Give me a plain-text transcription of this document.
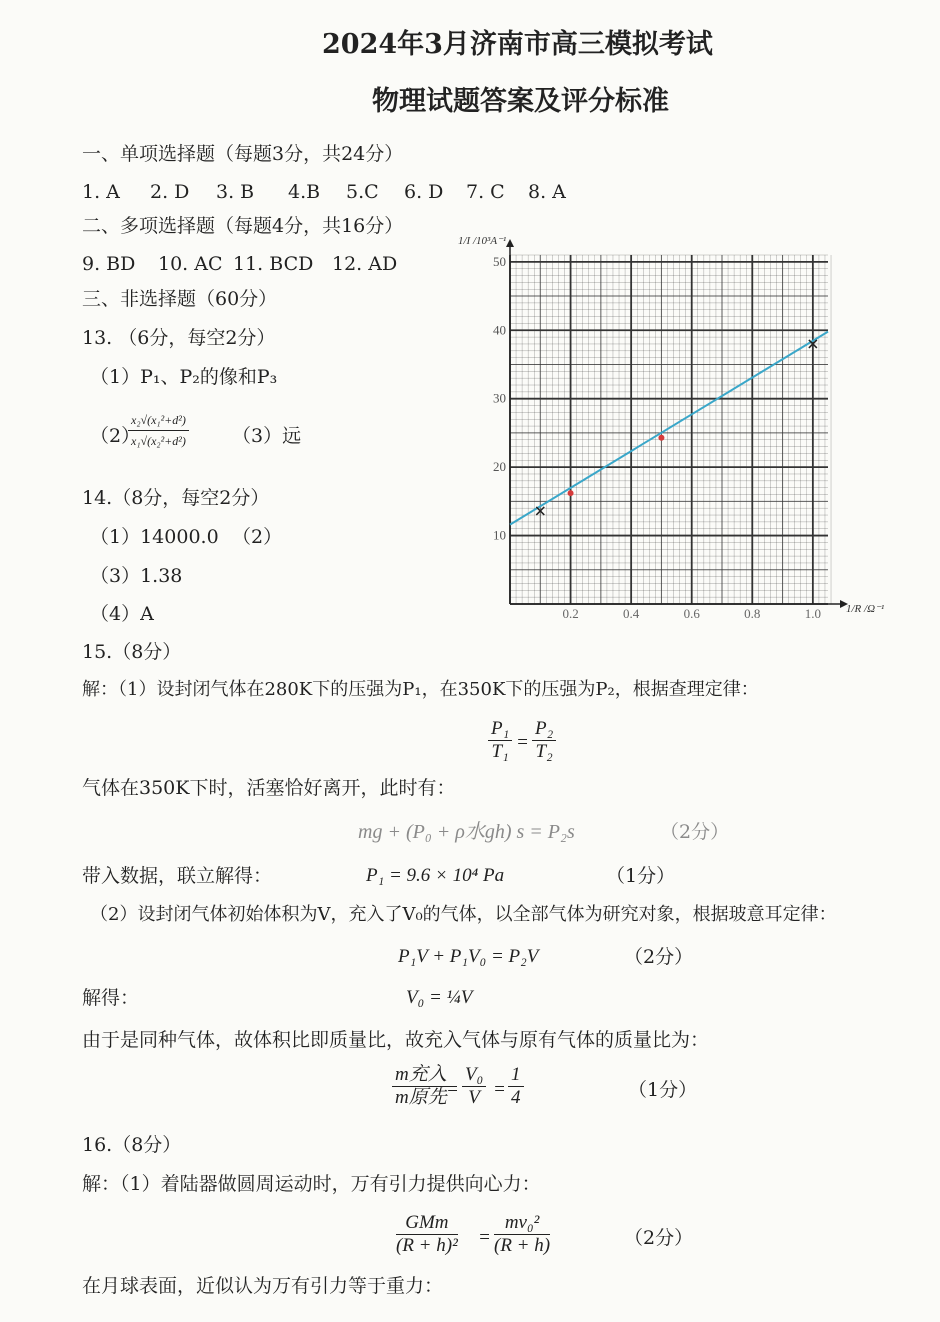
2024年3月济南市高三模拟考试
物理试题答案及评分标准
一、单项选择题（每题3分，共24分）
1. A 2. D 3. B 4.B 5.C 6. D 7. C 8. A
二、多项选择题（每题4分，共16分）
9. BD 10. AC 11. BCD 12. AD
三、非选择题（60分）
13. （6分，每空2分）
（1）P₁、P₂的像和P₃
（2）
$\frac{\text{x₂√(x₁²+d²)}}{\text{x₁√(x₂²+d²)}} (3)$远
14.（8分，每空2分）
（1）14000.0 （2）
（3）1.38
（4）A	0.2	0.4	0.6	0.8	1.0
10
20
30
40
50
1/I /10³A⁻¹
1/R /Ω⁻¹
15.（8分）
解：（1）设封闭气体在280K下的压强为P₁，在350K下的压强为P₂，根据查理定律：
$\frac{\text{P₁}}{\text{T₁}} = \frac{\text{P₂}}{\text{T₂}}$
气体在350K下时，活塞恰好离开，此时有：
mg + (P₀ + ρ水gh) s = P₂s	（2分）
带入数据，联立解得：	P₁ = 9.6 × 10⁴ Pa	（1分）
（2）设封闭气体初始体积为V，充入了V₀的气体，以全部气体为研究对象，根据玻意耳定律：
P₁V + P₁V₀ = P₂V	（2分）
解得：	V₀ = ¼V
由于是同种气体，故体积比即质量比，故充入气体与原有气体的质量比为：
m充入
m原先 = $\frac{\text{V₀}}{V} = \frac{1}{4}$	（1分）
16.（8分）
解：（1）着陆器做圆周运动时，万有引力提供向心力：
GMm
$(R + h)^2 = \frac{\text{mv₀²}}{(R + h)}$	（2分）
在月球表面，近似认为万有引力等于重力：
